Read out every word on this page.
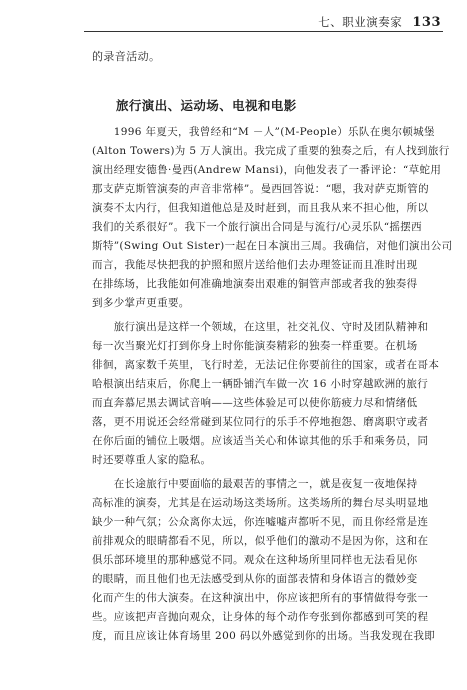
七、职业演奏家 133
的录音活动。
旅行演出、运动场、电视和电影

　　1996 年夏天，我曾经和“M －人”(M-People）乐队在奥尔顿城堡
(Alton Towers)为 5 万人演出。我完成了重要的独奏之后，有人找到旅行
演出经理安德鲁·曼西(Andrew Mansi)，向他发表了一番评论：“草蛇用
那支萨克斯管演奏的声音非常棒”。曼西回答说：“嗯，我对萨克斯管的
演奏不太内行，但我知道他总是及时赶到，而且我从来不担心他，所以
我们的关系很好”。我下一个旅行演出合同是与流行/心灵乐队“摇摆西
斯特”(Swing Out Sister)一起在日本演出三周。我确信，对他们演出公司
而言，我能尽快把我的护照和照片送给他们去办理签证而且准时出现
在排练场，比我能如何准确地演奏出艰难的铜管声部或者我的独奏得
到多少掌声更重要。

　　旅行演出是这样一个领域，在这里，社交礼仪、守时及团队精神和
每一次当聚光灯打到你身上时你能演奏精彩的独奏一样重要。在机场
徘徊，离家数千英里，飞行时差，无法记住你要前往的国家，或者在哥本
哈根演出结束后，你爬上一辆卧铺汽车做一次 16 小时穿越欧洲的旅行
而直奔慕尼黑去调试音响——这些体验足可以使你筋疲力尽和情绪低
落，更不用说还会经常碰到某位同行的乐手不停地抱怨、磨离职守或者
在你后面的铺位上吸烟。应该适当关心和体谅其他的乐手和乘务员，同
时还要尊重人家的隐私。

　　在长途旅行中要面临的最艰苦的事情之一，就是夜复一夜地保持
高标准的演奏，尤其是在运动场这类场所。这类场所的舞台尽头明显地
缺少一种气氛；公众离你太远，你连嘘嘘声都听不见，而且你经常是连
前排观众的眼睛都看不见，所以，似乎他们的激动不是因为你，这和在
俱乐部环境里的那种感觉不同。观众在这种场所里同样也无法看见你
的眼睛，而且他们也无法感受到从你的面部表情和身体语言的微妙变
化而产生的伟大演奏。在这种演出中，你应该把所有的事情做得夸张一
些。应该把声音抛向观众，让身体的每个动作夸张到你都感到可笑的程
度，而且应该让体育场里 200 码以外感觉到你的出场。当我发现在我即
